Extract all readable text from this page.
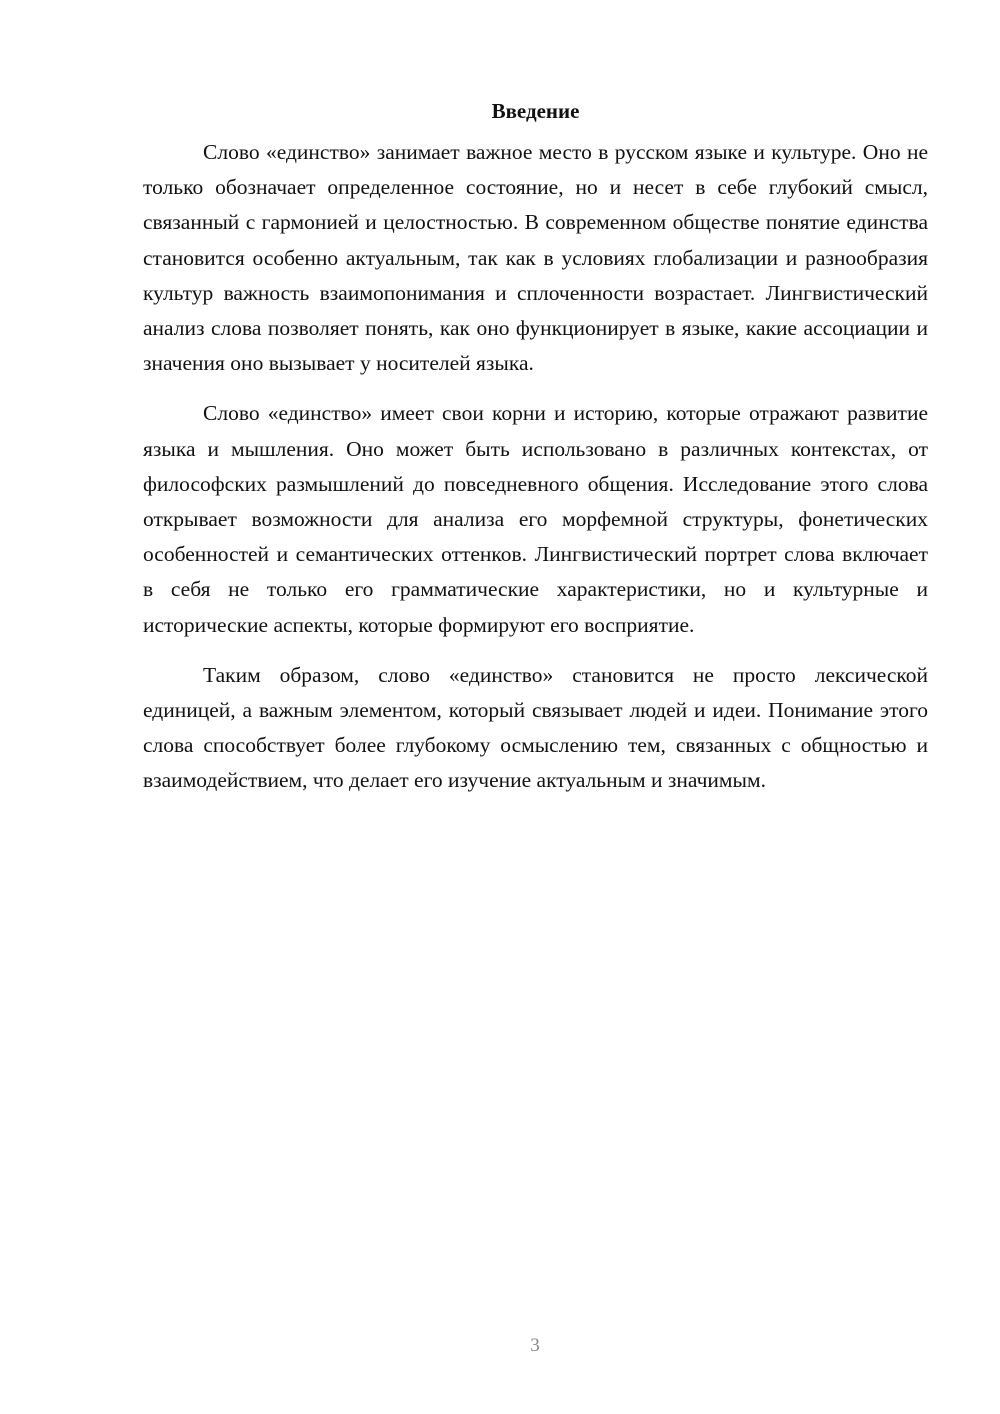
Введение

Слово «единство» занимает важное место в русском языке и культуре. Оно не только обозначает определенное состояние, но и несет в себе глубокий смысл, связанный с гармонией и целостностью. В современном обществе понятие единства становится особенно актуальным, так как в условиях глобализации и разнообразия культур важность взаимопонимания и сплоченности возрастает. Лингвистический анализ слова позволяет понять, как оно функционирует в языке, какие ассоциации и значения оно вызывает у носителей языка.

Слово «единство» имеет свои корни и историю, которые отражают развитие языка и мышления. Оно может быть использовано в различных контекстах, от философских размышлений до повседневного общения. Исследование этого слова открывает возможности для анализа его морфемной структуры, фонетических особенностей и семантических оттенков. Лингвистический портрет слова включает в себя не только его грамматические характеристики, но и культурные и исторические аспекты, которые формируют его восприятие.

Таким образом, слово «единство» становится не просто лексической единицей, а важным элементом, который связывает людей и идеи. Понимание этого слова способствует более глубокому осмыслению тем, связанных с общностью и взаимодействием, что делает его изучение актуальным и значимым.

3
